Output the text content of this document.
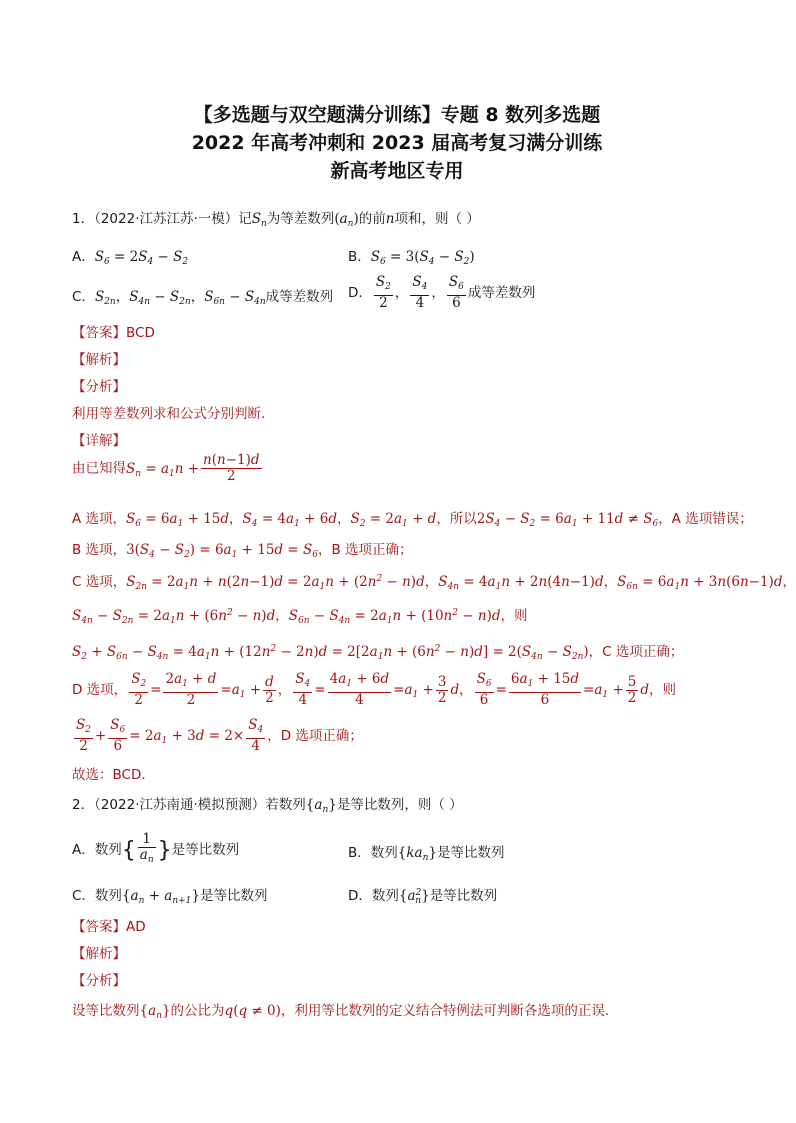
【多选题与双空题满分训练】专题 8 数列多选题
2022 年高考冲刺和 2023 届高考复习满分训练
新高考地区专用
1．（2022·江苏江苏·一模）记$S_n$为等差数列$(a_n)$的前n项和，则（ ）
A．$S_6 = 2S_4 - S_2$	B．$S_6 = 3(S_4 - S_2)$
C．$S_{2n}$，$S_{4n} - S_{2n}$，$S_{6n} - S_{4n}$成等差数列 D． $\frac{S_2}{2}$ ， $\frac{S_4}{4}$ ， $\frac{S_6}{6}$ 成等差数列
【答案】BCD
【解析】
【分析】
利用等差数列求和公式分别判断.
【详解】
由已知得$S_n = a_1n + \frac{n(n-1)d}{2}$
A 选项，$S_6 = 6a_1 + 15d$，$S_4 = 4a_1 + 6d$，$S_2 = 2a_1 + d$，所以$2S_4 - S_2 = 6a_1 + 11d \ne S_6$，A 选项错误；
B 选项，$3(S_4 - S_2) = 6a_1 + 15d = S_6$，B 选项正确；
C 选项，$S_{2n} = 2a_1n + n(2n-1)d = 2a_1n + (2n^2 - n)d$，$S_{4n} = 4a_1n + 2n(4n-1)d$，$S_{6n} = 6a_1n + 3n(6n-1)d$，
$S_{4n} - S_{2n} = 2a_1n + (6n^2 - n)d$，$S_{6n} - S_{4n} = 2a_1n + (10n^2 - n)d$，则
$S_2 + S_{6n} - S_{4n} = 4a_1n + (12n^2 - 2n)d = 2[2a_1n + (6n^2 - n)d] = 2(S_{4n} - S_{2n})$，C 选项正确；
D 选项， $\frac{S_2}{2} = \frac{2a_1 + d}{2} =a_1 + \frac{d}{2}$ ， $\frac{S_4}{4} = \frac{4a_1 + 6d}{4} =a_1 + \frac{3}{2}$ d， $\frac{S_6}{6} = \frac{6a_1 + 15d}{6} =a_1 + \frac{5}{2}$ d，则
$\frac{S_2}{2} + \frac{S_6}{6} = 2a_1 + 3d = 2\times \frac{S_4}{4}$ ，D 选项正确；
故选：BCD.
2．（2022·江苏南通·模拟预测）若数列$\{a_n\}$是等比数列，则（ ）
A．数列{ $\frac{1}{a_n}$ }是等比数列	B．数列$\{ka_n\}$是等比数列
C．数列$\{a_n + a_{n+1}\}$是等比数列	D．数列$\{a^2_n\}$是等比数列
【答案】AD
【解析】
【分析】
设等比数列$\{a_n\}$的公比为q(q ≠ 0)，利用等比数列的定义结合特例法可判断各选项的正误.
